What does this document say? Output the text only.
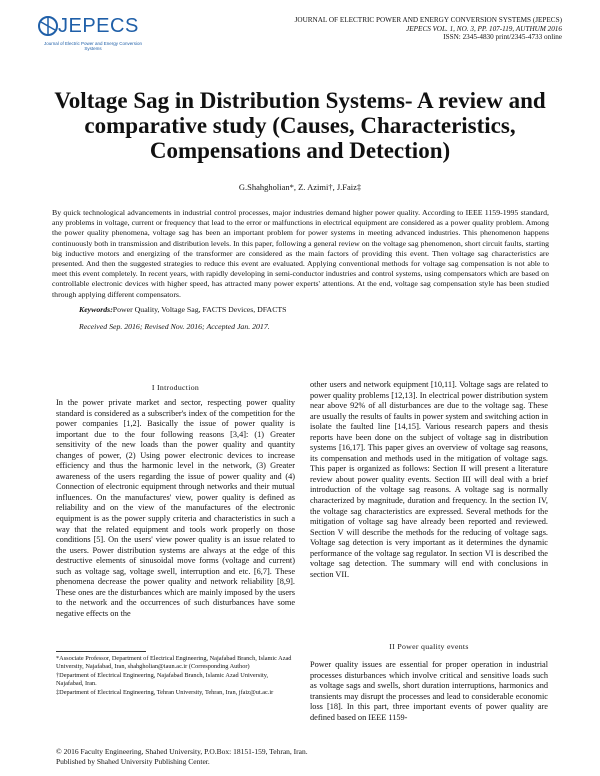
JEPECS
Journal of Electric Power and Energy Conversion Systems
JOURNAL OF ELECTRIC POWER AND ENERGY CONVERSION SYSTEMS (JEPECS)
JEPECS VOL. 1, NO. 3, PP. 107-119, AUTHUM 2016
ISSN: 2345-4830 print/2345-4733 online
Voltage Sag in Distribution Systems- A review and comparative study (Causes, Characteristics, Compensations and Detection)
G.Shahgholian*, Z. Azimi†, J.Faiz‡
By quick technological advancements in industrial control processes, major industries demand higher power quality. According to IEEE 1159-1995 standard, any problems in voltage, current or frequency that lead to the error or malfunctions in electrical equipment are considered as a power quality problem. Among the power quality phenomena, voltage sag has been an important problem for power systems in meeting advanced industries. This phenomenon happens continuously both in transmission and distribution levels. In this paper, following a general review on the voltage sag phenomenon, short circuit faults, starting big inductive motors and energizing of the transformer are considered as the main factors of providing this event. Then voltage sag characteristics are presented. And then the suggested strategies to reduce this event are evaluated. Applying conventional methods for voltage sag compensation is not able to meet this event completely. In recent years, with rapidly developing in semi-conductor industries and control systems, using compensators which are based on controllable electronic devices with higher speed, has attracted many power experts' attentions. At the end, voltage sag compensation style has been studied through applying different compensators.
Keywords:Power Quality, Voltage Sag, FACTS Devices, DFACTS
Received Sep. 2016; Revised Nov. 2016; Accepted Jan. 2017.
I Introduction
In the power private market and sector, respecting power quality standard is considered as a subscriber's index of the competition for the power companies [1,2]. Basically the issue of power quality is important due to the four following reasons [3,4]: (1) Greater sensitivity of the new loads than the power quality and quantity changes of power, (2) Using power electronic devices to increase efficiency and thus the harmonic level in the network, (3) Greater awareness of the users regarding the issue of power quality and (4) Connection of electronic equipment through networks and their mutual influences. On the manufactures' view, power quality is defined as reliability and on the view of the manufactures of the electronic equipment is as the power supply criteria and characteristics in such a way that the related equipment and tools work properly on those conditions [5]. On the users' view power quality is an issue related to the users. Power distribution systems are always at the edge of this destructive elements of sinusoidal move forms (voltage and current) such as voltage sag, voltage swell, interruption and etc. [6,7]. These phenomena decrease the power quality and network reliability [8,9]. These ones are the disturbances which are mainly imposed by the users to the network and the occurrences of such disturbances have some negative effects on the
other users and network equipment [10,11]. Voltage sags are related to power quality problems [12,13]. In electrical power distribution system near above 92% of all disturbances are due to the voltage sag. These are usually the results of faults in power system and switching action in isolate the faulted line [14,15]. Various research papers and thesis reports have been done on the subject of voltage sag in distribution systems [16,17]. This paper gives an overview of voltage sag reasons, its compensation and methods used in the mitigation of voltage sags. This paper is organized as follows: Section II will present a literature review about power quality events. Section III will deal with a brief introduction of the voltage sag reasons. A voltage sag is normally characterized by magnitude, duration and frequency. In the section IV, the voltage sag characteristics are expressed. Several methods for the mitigation of voltage sag have already been reported and reviewed. Section V will describe the methods for the reducing of voltage sags. Voltage sag detection is very important as it determines the dynamic performance of the voltage sag regulator. In section VI is described the voltage sag detection. The summary will end with conclusions in section VII.
II Power quality events
Power quality issues are essential for proper operation in industrial processes disturbances which involve critical and sensitive loads such as voltage sags and swells, short duration interruptions, harmonics and transients may disrupt the processes and lead to considerable economic loss [18]. In this part, three important events of power quality are defined based on IEEE 1159-
*Associate Professor, Department of Electrical Engineering, Najafabad Branch, Islamic Azad University, Najafabad, Iran, shahgholian@iaun.ac.ir (Corresponding Author)
†Department of Electrical Engineering, Najafabad Branch, Islamic Azad University, Najafabad, Iran.
‡Department of Electrical Engineering, Tehran University, Tehran, Iran, jfaiz@ut.ac.ir
© 2016 Faculty Engineering, Shahed University, P.O.Box: 18151-159, Tehran, Iran.
Published by Shahed University Publishing Center.
